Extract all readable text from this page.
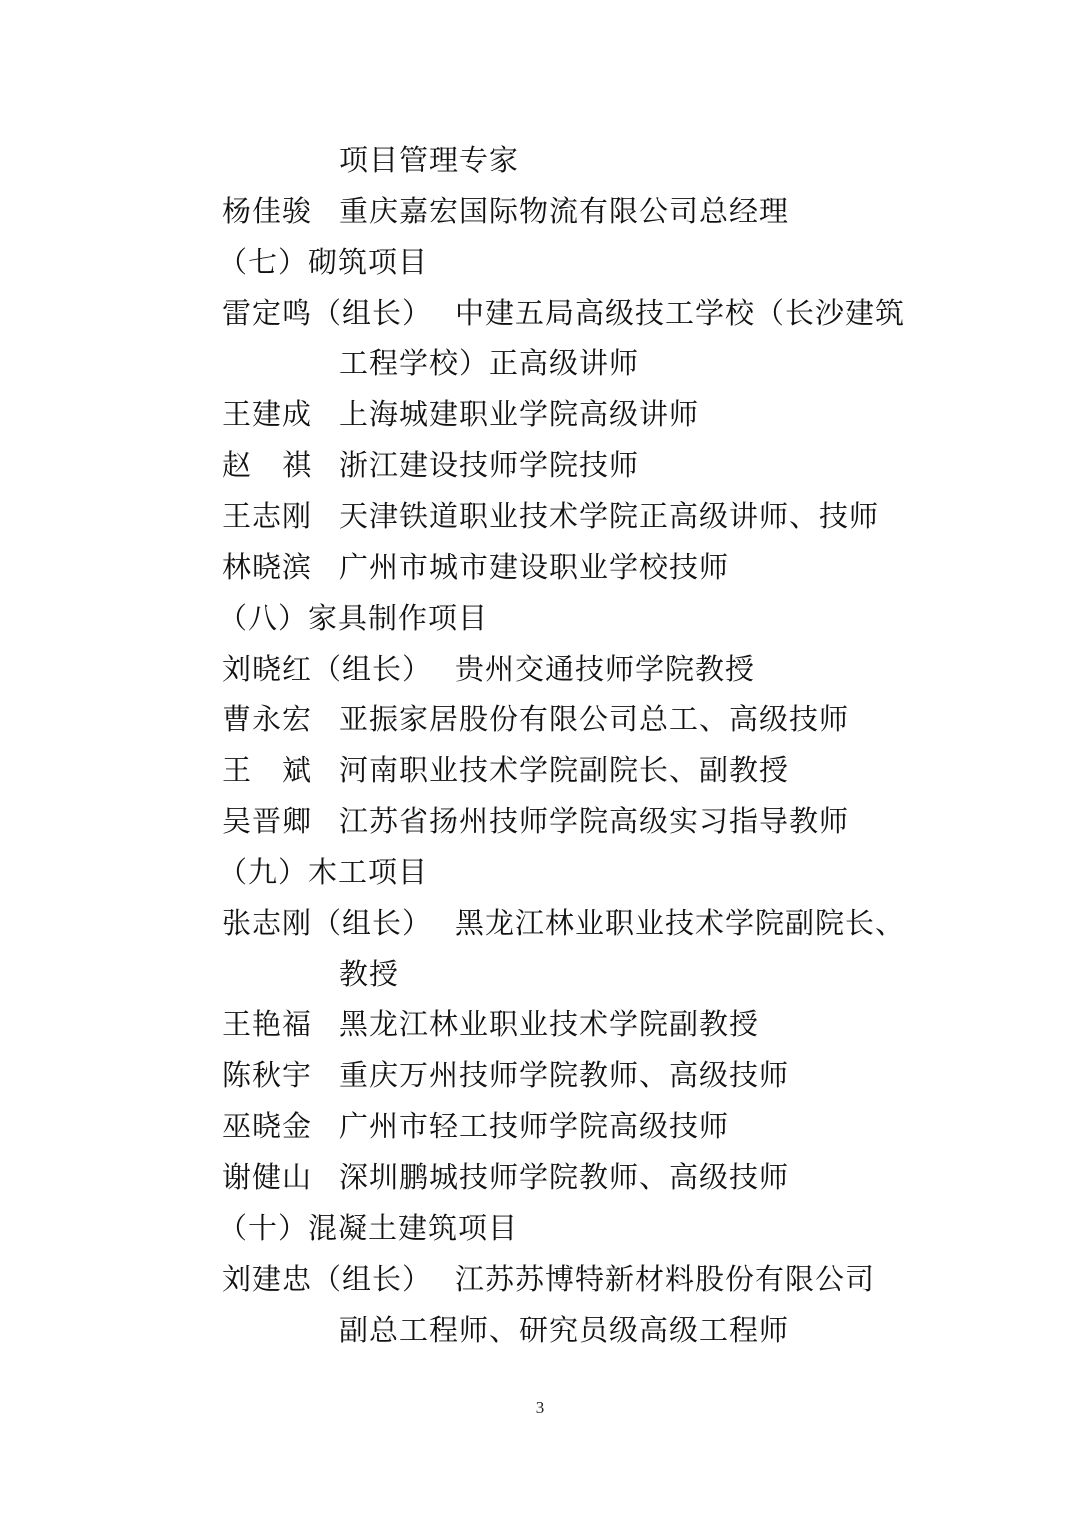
项目管理专家
杨佳骏 重庆嘉宏国际物流有限公司总经理
（七）砌筑项目
雷定鸣（组长） 中建五局高级技工学校（长沙建筑
工程学校）正高级讲师
王建成 上海城建职业学院高级讲师
赵　祺 浙江建设技师学院技师
王志刚 天津铁道职业技术学院正高级讲师、技师
林晓滨 广州市城市建设职业学校技师
（八）家具制作项目
刘晓红（组长） 贵州交通技师学院教授
曹永宏 亚振家居股份有限公司总工、高级技师
王　斌 河南职业技术学院副院长、副教授
吴晋卿 江苏省扬州技师学院高级实习指导教师
（九）木工项目
张志刚（组长） 黑龙江林业职业技术学院副院长、
教授
王艳福 黑龙江林业职业技术学院副教授
陈秋宇 重庆万州技师学院教师、高级技师
巫晓金 广州市轻工技师学院高级技师
谢健山 深圳鹏城技师学院教师、高级技师
（十）混凝土建筑项目
刘建忠（组长） 江苏苏博特新材料股份有限公司
副总工程师、研究员级高级工程师
3
